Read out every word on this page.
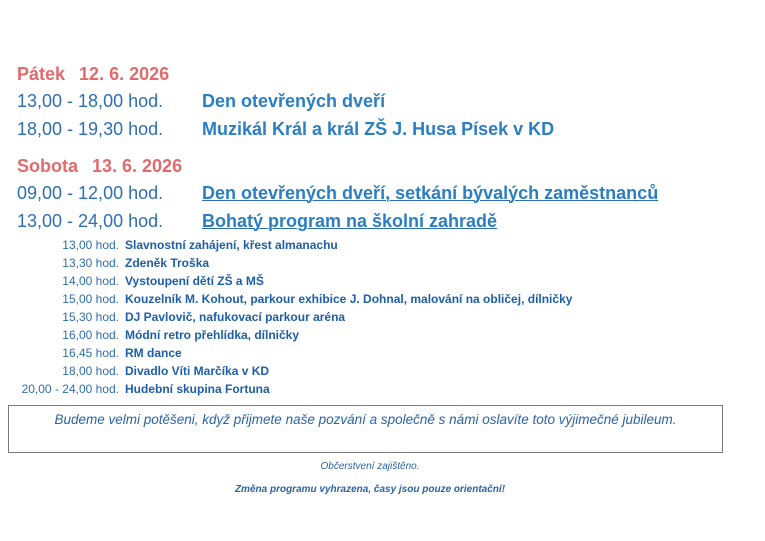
Pátek 12. 6. 2026
13,00 - 18,00 hod. Den otevřených dveří
18,00 - 19,30 hod. Muzikál Král a král ZŠ J. Husa Písek v KD
Sobota 13. 6. 2026
09,00 - 12,00 hod. Den otevřených dveří, setkání bývalých zaměstnanců
13,00 - 24,00 hod. Bohatý program na školní zahradě
13,00 hod. Slavnostní zahájení, křest almanachu
13,30 hod. Zdeněk Troška
14,00 hod. Vystoupení dětí ZŠ a MŠ
15,00 hod. Kouzelník M. Kohout, parkour exhibice J. Dohnal, malování na obličej, dílničky
15,30 hod. DJ Pavlovič, nafukovací parkour aréna
16,00 hod. Módní retro přehlídka, dílničky
16,45 hod. RM dance
18,00 hod. Divadlo Víti Marčíka v KD
20,00 - 24,00 hod. Hudební skupina Fortuna
Budeme velmi potěšeni, když přijmete naše pozvání a společně s námi oslavíte toto výjimečné jubileum.
Občerstvení zajištěno.
Změna programu vyhrazena, časy jsou pouze orientační!
